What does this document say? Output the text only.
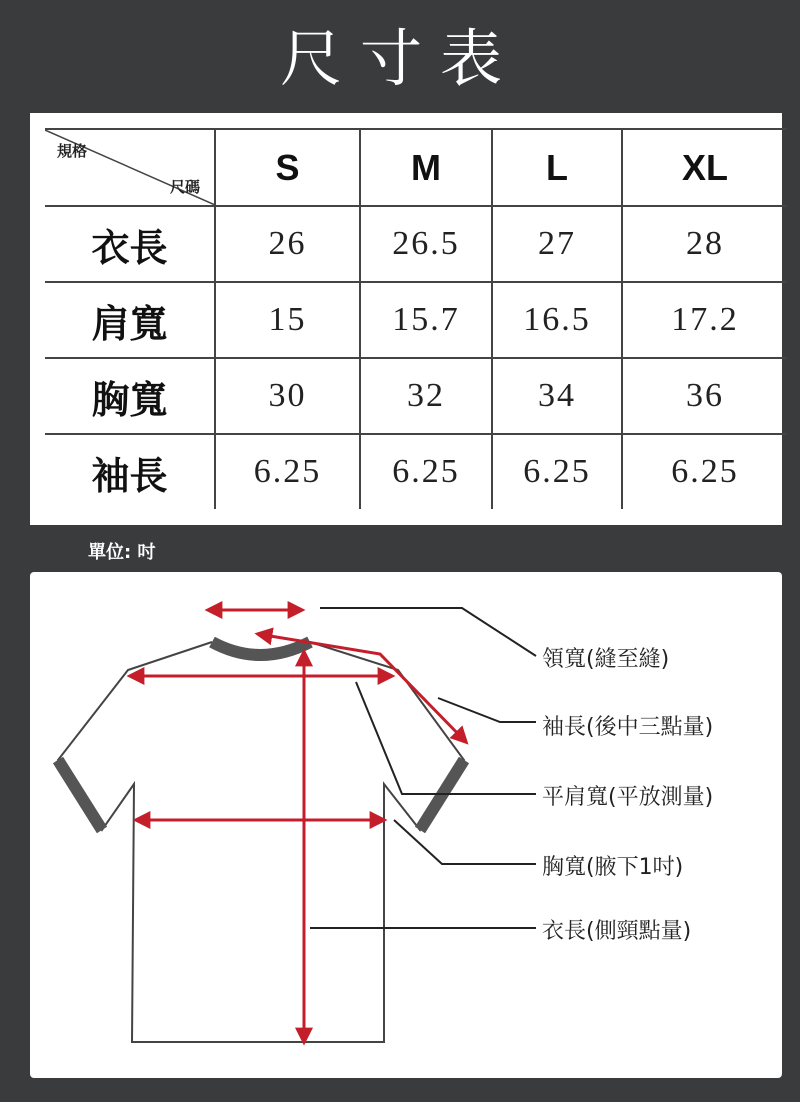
尺寸表
規格
尺碼	S	M	L	XL
衣長	26	26.5	27	28
肩寬	15	15.7	16.5	17.2
胸寬	30	32	34	36
袖長	6.25	6.25	6.25	6.25
單位: 吋
領寬(縫至縫)
袖長(後中三點量)
平肩寬(平放測量)
胸寬(腋下1吋)
衣長(側頸點量)
